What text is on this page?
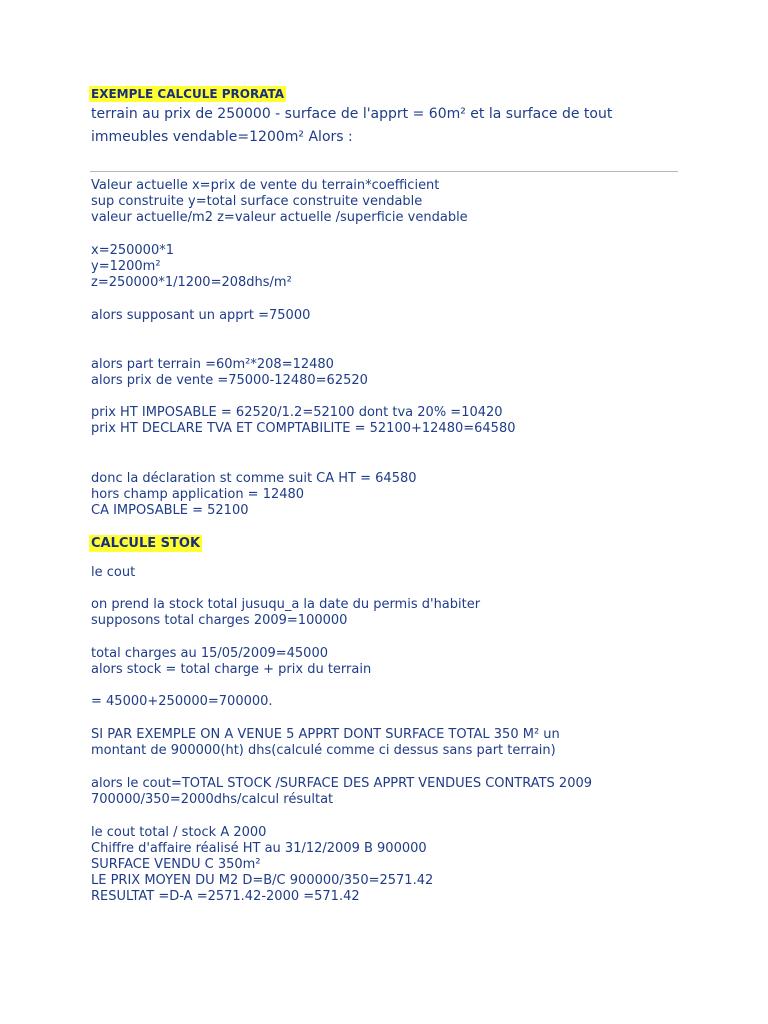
EXEMPLE CALCULE PRORATA

terrain au prix de 250000 - surface de l'apprt = 60m² et la surface de tout

immeubles vendable=1200m² Alors :

Valeur actuelle x=prix de vente du terrain*coefficient
sup construite y=total surface construite vendable
valeur actuelle/m2 z=valeur actuelle /superficie vendable
x=250000*1
y=1200m²
z=250000*1/1200=208dhs/m²
alors supposant un apprt =75000
alors part terrain =60m²*208=12480
alors prix de vente =75000-12480=62520
prix HT IMPOSABLE = 62520/1.2=52100 dont tva 20% =10420
prix HT DECLARE TVA ET COMPTABILITE = 52100+12480=64580
donc la déclaration st comme suit CA HT = 64580
hors champ application = 12480
CA IMPOSABLE = 52100
CALCULE STOK
le cout
on prend la stock total jusuqu_a la date du permis d'habiter
supposons total charges 2009=100000
total charges au 15/05/2009=45000
alors stock = total charge + prix du terrain
= 45000+250000=700000.
SI PAR EXEMPLE ON A VENUE 5 APPRT DONT SURFACE TOTAL 350 M² un
montant de 900000(ht) dhs(calculé comme ci dessus sans part terrain)
alors le cout=TOTAL STOCK /SURFACE DES APPRT VENDUES CONTRATS 2009
700000/350=2000dhs/calcul résultat
le cout total / stock A 2000
Chiffre d'affaire réalisé HT au 31/12/2009 B 900000
SURFACE VENDU C 350m²
LE PRIX MOYEN DU M2 D=B/C 900000/350=2571.42
RESULTAT =D-A =2571.42-2000 =571.42
